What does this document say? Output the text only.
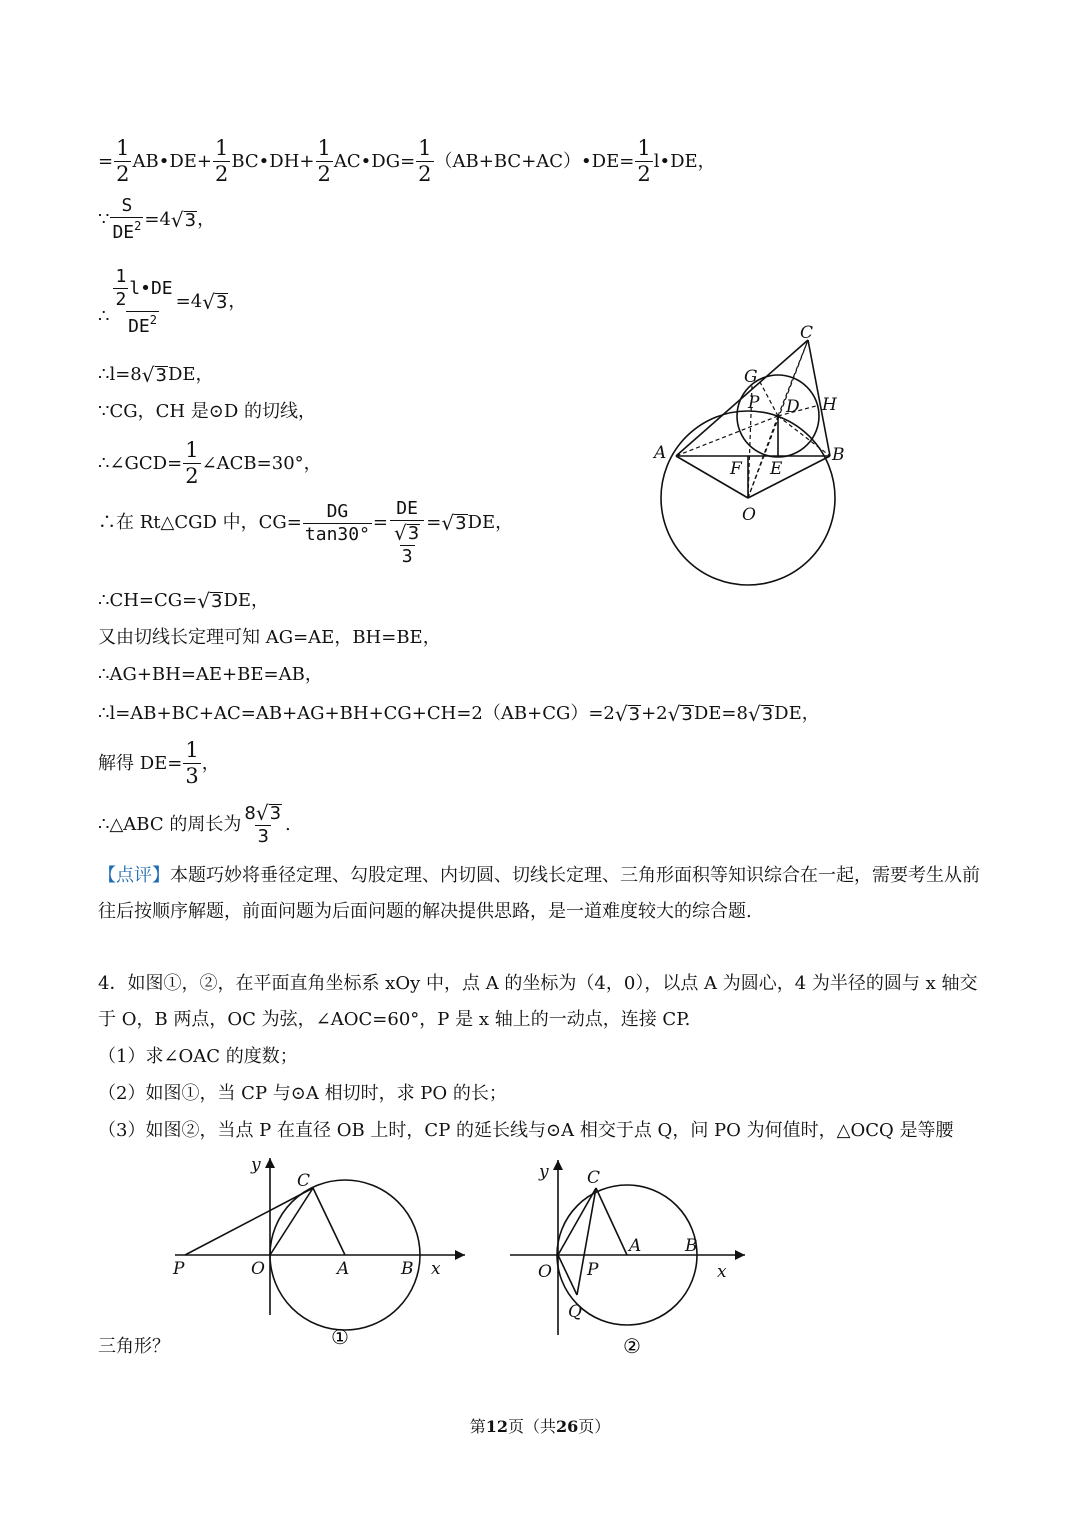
= $\frac{1}{2}$ AB•DE+ $\frac{1}{2}$ BC•DH+ $\frac{1}{2}$ AC•DG= $\frac{1}{2}$ （AB+BC+AC）•DE= $\frac{1}{2}$ l•DE，
∵ $\frac{S}{DE^2} =4$ √ 3 ，
∴ $\frac{\frac{1}{2} l•DE}{DE^2} =4$ √ 3 ，
∴l=8 √ 3 DE，
∵CG，CH 是⊙D 的切线，
∴∠GCD= $\frac{1}{2}$ ∠ACB=30°，
∴在 Rt△CGD 中，$CG= \frac{DG}{\tan 30^\circ} = \frac{DE}{\frac{√ 3}{3}}$ = √ 3 DE，
∴CH=CG= √ 3 DE，
又由切线长定理可知 AG=AE，BH=BE，
∴AG+BH=AE+BE=AB，
∴l=AB+BC+AC=AB+AG+BH+CG+CH=2（AB+CG）=2 √ 3 +2 √ 3 DE=8 √ 3 DE，
解得 $DE= \frac{1}{3}$ ，
∴△ABC 的周长为 $\frac{8 √ 3}{3}$ .
【点评】本题巧妙将垂径定理、勾股定理、内切圆、切线长定理、三角形面积等知识综合在一起，需要考生从前往后按顺序解题，前面问题为后面问题的解决提供思路，是一道难度较大的综合题.
4．如图①，②，在平面直角坐标系 xOy 中，点 A 的坐标为（4，0），以点 A 为圆心，4 为半径的圆与 x 轴交于 O，B 两点，OC 为弦，∠AOC=60°，P 是 x 轴上的一动点，连接 CP.
（1）求∠OAC 的度数；
（2）如图①，当 CP 与⊙A 相切时，求 PO 的长；
（3）如图②，当点 P 在直径 OB 上时，CP 的延长线与⊙A 相交于点 Q，问 PO 为何值时，△OCQ 是等腰
三角形？
C
G
P D H
A	B
F E
O
y
C
P	O	A	B x
①
y C
A	B
O P	x
Q
②
第12页（共26页）
